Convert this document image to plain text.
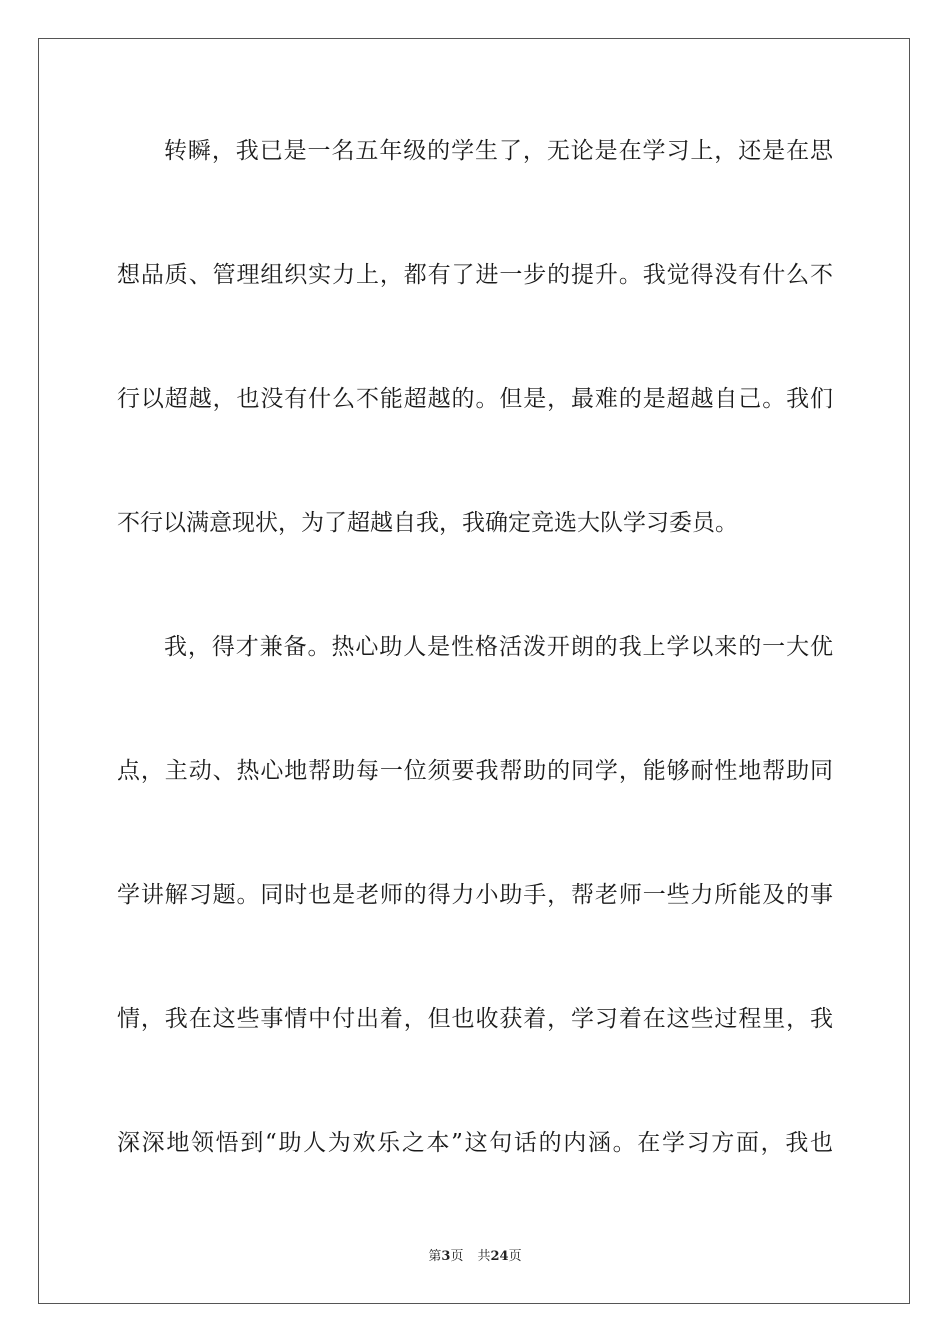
转瞬，我已是一名五年级的学生了，无论是在学习上，还是在思
想品质、管理组织实力上，都有了进一步的提升。我觉得没有什么不
行以超越，也没有什么不能超越的。但是，最难的是超越自己。我们
不行以满意现状，为了超越自我，我确定竞选大队学习委员。
我，得才兼备。热心助人是性格活泼开朗的我上学以来的一大优
点，主动、热心地帮助每一位须要我帮助的同学，能够耐性地帮助同
学讲解习题。同时也是老师的得力小助手，帮老师一些力所能及的事
情，我在这些事情中付出着，但也收获着，学习着在这些过程里，我
深深地领悟到“助人为欢乐之本”这句话的内涵。在学习方面，我也
第3页 共24页
